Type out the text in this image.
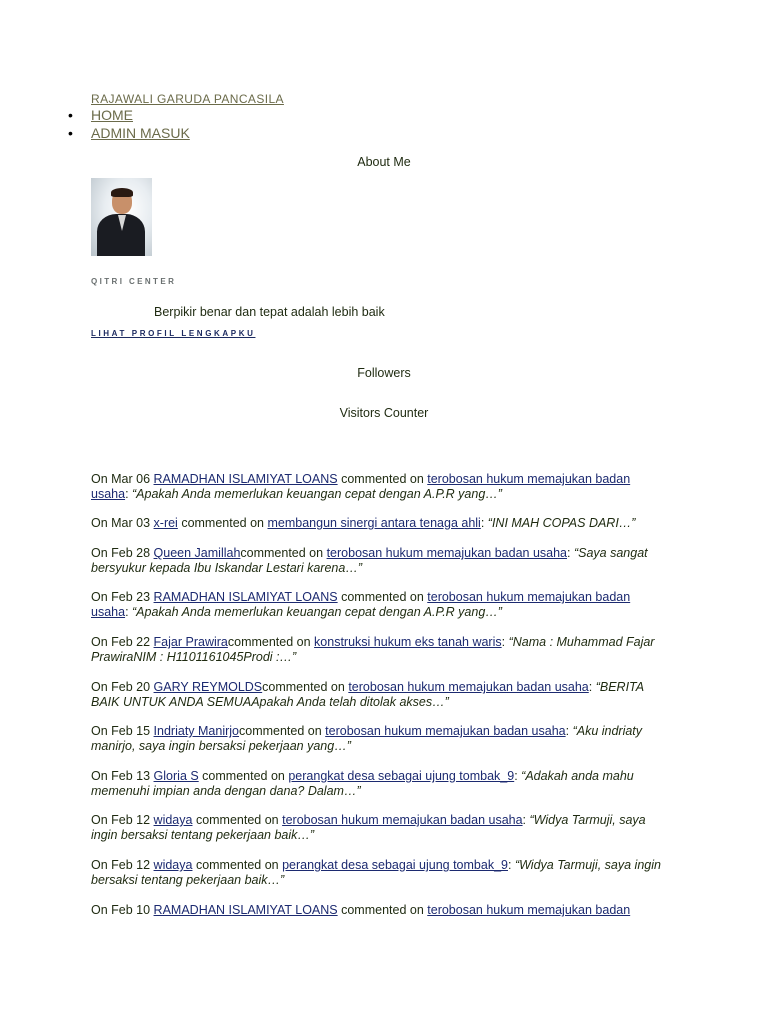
RAJAWALI GARUDA PANCASILA
• HOME
• ADMIN MASUK
About Me
QITRI CENTER
Berpikir benar dan tepat adalah lebih baik
LIHAT PROFIL LENGKAPKU
Followers
Visitors Counter
On Mar 06 RAMADHAN ISLAMIYAT LOANS commented on terobosan hukum memajukan badan usaha: “Apakah Anda memerlukan keuangan cepat dengan A.P.R yang…”
On Mar 03 x-rei commented on membangun sinergi antara tenaga ahli: “INI MAH COPAS DARI…”
On Feb 28 Queen Jamillahcommented on terobosan hukum memajukan badan usaha: “Saya sangat bersyukur kepada Ibu Iskandar Lestari karena…”
On Feb 23 RAMADHAN ISLAMIYAT LOANS commented on terobosan hukum memajukan badan usaha: “Apakah Anda memerlukan keuangan cepat dengan A.P.R yang…”
On Feb 22 Fajar Prawiracommented on konstruksi hukum eks tanah waris: “Nama : Muhammad Fajar PrawiraNIM : H1101161045Prodi :…”
On Feb 20 GARY REYMOLDScommented on terobosan hukum memajukan badan usaha: “BERITA BAIK UNTUK ANDA SEMUAApakah Anda telah ditolak akses…”
On Feb 15 Indriaty Manirjocommented on terobosan hukum memajukan badan usaha: “Aku indriaty manirjo, saya ingin bersaksi pekerjaan yang…”
On Feb 13 Gloria S commented on perangkat desa sebagai ujung tombak_9: “Adakah anda mahu memenuhi impian anda dengan dana? Dalam…”
On Feb 12 widaya commented on terobosan hukum memajukan badan usaha: “Widya Tarmuji, saya ingin bersaksi tentang pekerjaan baik…”
On Feb 12 widaya commented on perangkat desa sebagai ujung tombak_9: “Widya Tarmuji, saya ingin bersaksi tentang pekerjaan baik…”
On Feb 10 RAMADHAN ISLAMIYAT LOANS commented on terobosan hukum memajukan badan
